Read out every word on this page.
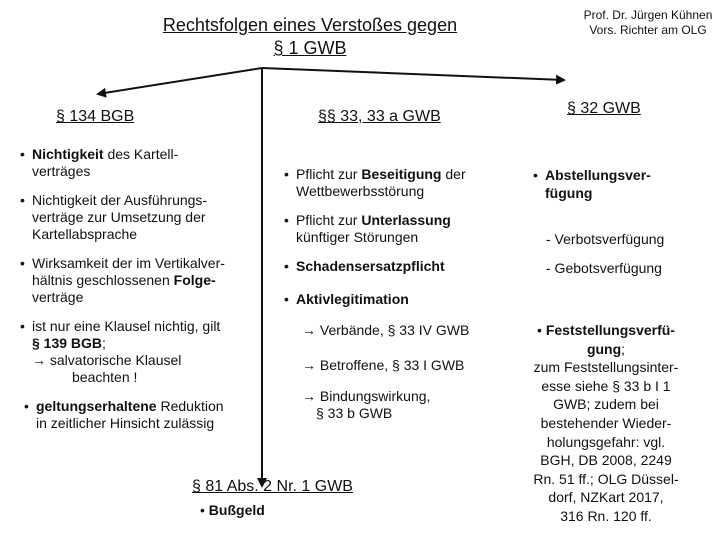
Rechtsfolgen eines Verstoßes gegen
§ 1 GWB
Prof. Dr. Jürgen Kühnen
Vors. Richter am OLG
§ 134 BGB
• Nichtigkeit des Kartell-
verträges
• Nichtigkeit der Ausführungs-
verträge zur Umsetzung der
Kartellabsprache
• Wirksamkeit der im Vertikalver-
hältnis geschlossenen Folge-
verträge
• ist nur eine Klausel nichtig, gilt
§ 139 BGB;
→ salvatorische Klausel
beachten !
• geltungserhaltene Reduktion
in zeitlicher Hinsicht zulässig
§§ 33, 33 a GWB
• Pflicht zur Beseitigung der
Wettbewerbsstörung
• Pflicht zur Unterlassung
künftiger Störungen
• Schadensersatzpflicht
• Aktivlegitimation
→ Verbände, § 33 IV GWB
→ Betroffene, § 33 I GWB
→ Bindungswirkung,
§ 33 b GWB
§ 81 Abs. 2 Nr. 1 GWB
• Bußgeld
§ 32 GWB
• Abstellungsver-
fügung
- Verbotsverfügung
- Gebotsverfügung
• Feststellungsverfü-
gung;
zum Feststellungsinter-
esse siehe § 33 b I 1
GWB; zudem bei
bestehender Wieder-
holungsgefahr: vgl.
BGH, DB 2008, 2249
Rn. 51 ff.; OLG Düssel-
dorf, NZKart 2017,
316 Rn. 120 ff.
